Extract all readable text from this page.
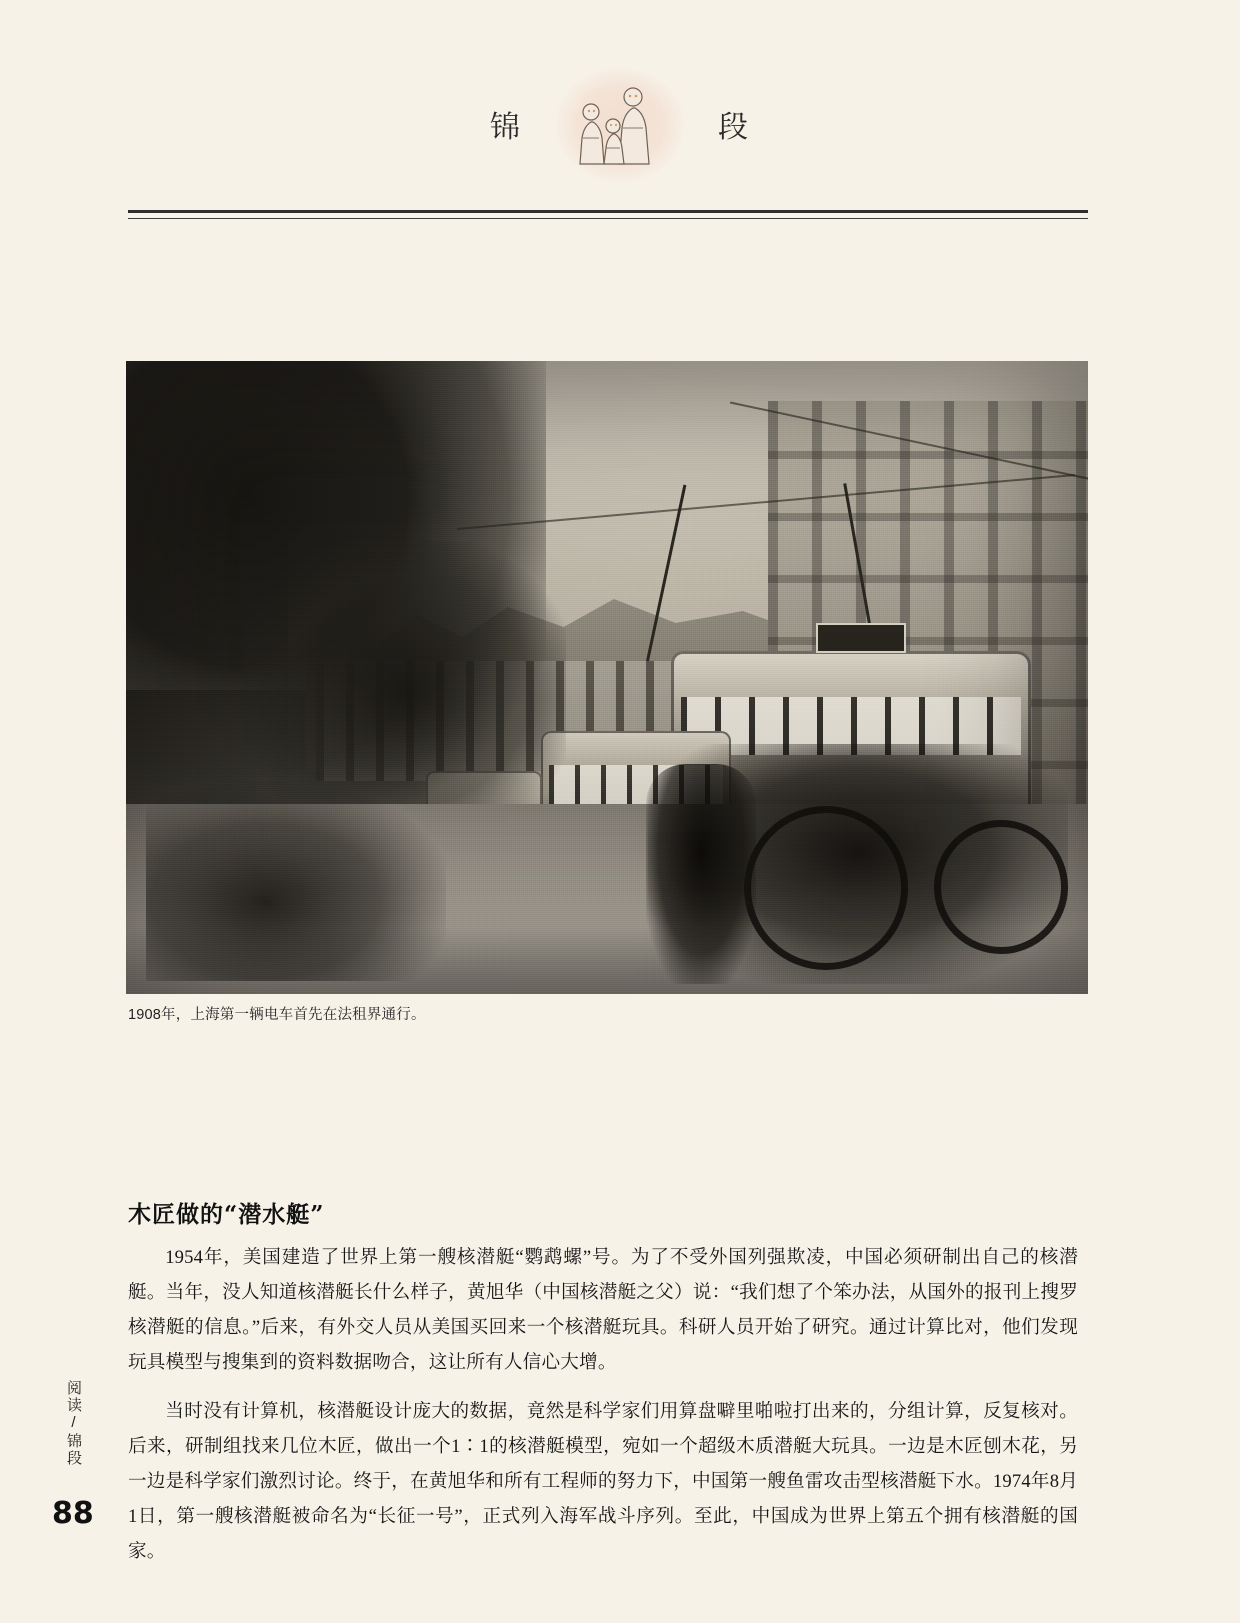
锦	段
1908年，上海第一辆电车首先在法租界通行。
木匠做的“潜水艇”

1954年，美国建造了世界上第一艘核潜艇“鹦鹉螺”号。为了不受外国列强欺凌，中国必须研制出自己的核潜艇。当年，没人知道核潜艇长什么样子，黄旭华（中国核潜艇之父）说：“我们想了个笨办法，从国外的报刊上搜罗核潜艇的信息。”后来，有外交人员从美国买回来一个核潜艇玩具。科研人员开始了研究。通过计算比对，他们发现玩具模型与搜集到的资料数据吻合，这让所有人信心大增。

当时没有计算机，核潜艇设计庞大的数据，竟然是科学家们用算盘噼里啪啦打出来的，分组计算，反复核对。后来，研制组找来几位木匠，做出一个1∶1的核潜艇模型，宛如一个超级木质潜艇大玩具。一边是木匠刨木花，另一边是科学家们激烈讨论。终于，在黄旭华和所有工程师的努力下，中国第一艘鱼雷攻击型核潜艇下水。1974年8月1日，第一艘核潜艇被命名为“长征一号”，正式列入海军战斗序列。至此，中国成为世界上第五个拥有核潜艇的国家。

阅读/锦段
88
